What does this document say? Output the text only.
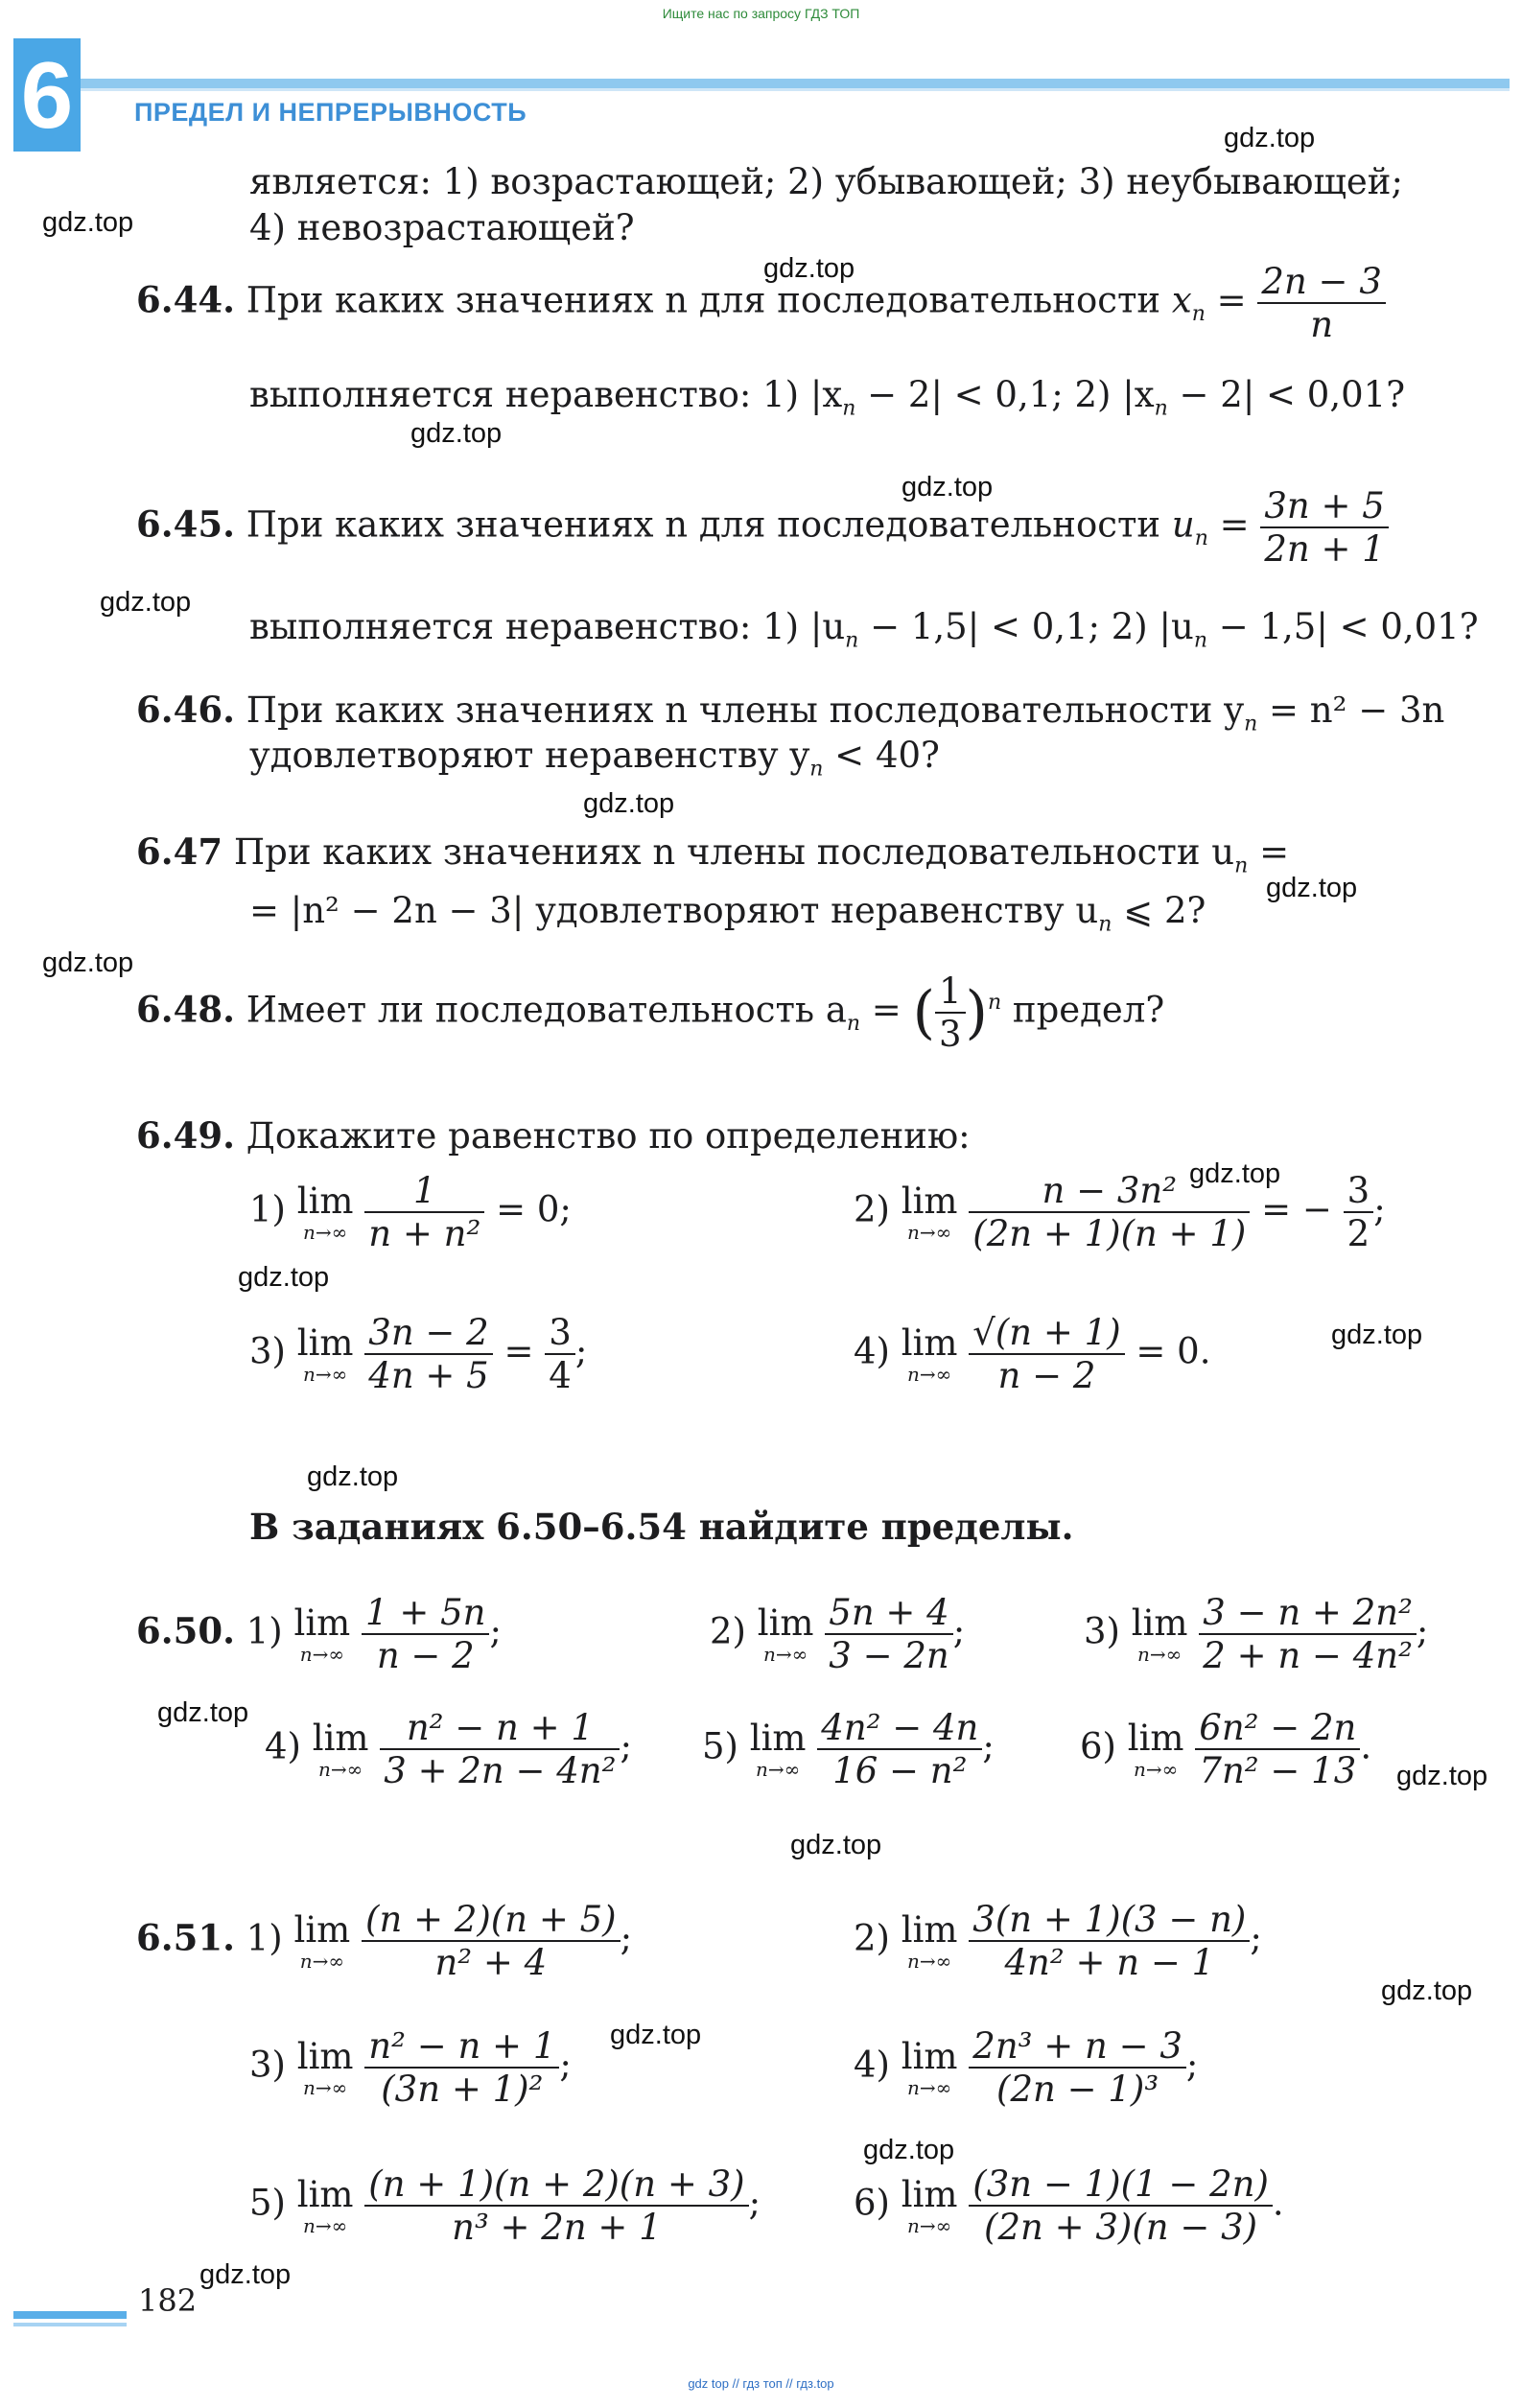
Ищите нас по запросу ГДЗ ТОП
6 ПРЕДЕЛ И НЕПРЕРЫВНОСТЬ
является: 1) возрастающей; 2) убывающей; 3) неубывающей;
4) невозрастающей?
6.44. При каких значениях n для последовательности $x_n = \frac{2n - 3}{n}$
выполняется неравенство: 1) $|x_n - 2| < 0,1$; 2) $|x_n - 2| < 0,01$?
6.45. При каких значениях n для последовательности $u_n = \frac{3n + 5}{2n + 1}$
выполняется неравенство: 1) $|u_n - 1,5| < 0,1$; 2) $|u_n - 1,5| < 0,01$?
6.46. При каких значениях n члены последовательности $y_n = n^2 - 3n$
удовлетворяют неравенству $y_n < 40$?
6.47 При каких значениях n члены последовательности $u_n$ =
= |n² − 2n − 3| удовлетворяют неравенству $u_n$ ⩽ 2?
6.48. Имеет ли последовательность $a_n$ = ( $\frac{1}{3} )^n$ предел?
6.49. Докажите равенство по определению:
1) lim
n→∞
$\frac{1}{\text{n + n²}} = 0$;	2) lim
n→∞
$\frac{\text{n − 3n²}}{(2n + 1)(n + 1)}$ = − $\frac{3}{2}$ ;
3) lim
n→∞
$\frac{3n - 2}{4n + 5} = \frac{3}{4}$ ;	4) lim
n→∞
$\frac{√(n + 1)}{n - 2} = 0$.
В заданиях 6.50–6.54 найдите пределы.
6.50. 1) lim
n→∞
$\frac{1 + 5n}{n - 2}$ ;	2) lim
n→∞
$\frac{5n + 4}{3 - 2n}$ ;	3) lim
n→∞
$\frac{\text{3 − n + 2n²}}{\text{2 + n − 4n²}}$ ;
4) lim
n→∞
$\frac{\text{n² − n + 1}}{\text{3 + 2n − 4n²}}$ ; 5) lim
n→∞
$\frac{\text{4n² − 4n}}{\text{16 − n²}}$ ; 6) lim
n→∞
$\frac{\text{6n² − 2n}}{\text{7n² − 13}}$ .
6.51. 1) lim
n→∞
$\frac{(n + 2)(n + 5)}{\text{n² + 4}}$ ;	2) lim
n→∞
$\frac{3(n + 1)(3 - n)}{\text{4n² + n − 1}}$ ;
3) lim
n→∞
$\frac{\text{n² − n + 1}}{\text{(3n + 1)²}}$ ;	4) lim
n→∞
$\frac{\text{2n³ + n − 3}}{\text{(2n − 1)³}}$ ;
5) lim
n→∞
$\frac{(n + 1)(n + 2)(n + 3)}{\text{n³ + 2n + 1}}$ ;	6) lim
n→∞
$\frac{(3n - 1)(1 - 2n)}{(2n + 3)(n - 3)}$ .
gdz.top
gdz.top
gdz.top
gdz.top
gdz.top
gdz.top
gdz.top
gdz.top
gdz.top
gdz.top
gdz.top
gdz.top
gdz.top
gdz.top
gdz.top
gdz.top
gdz.top
gdz.top
gdz.top
gdz.top
182
gdz top // гдз топ // гдз.top
